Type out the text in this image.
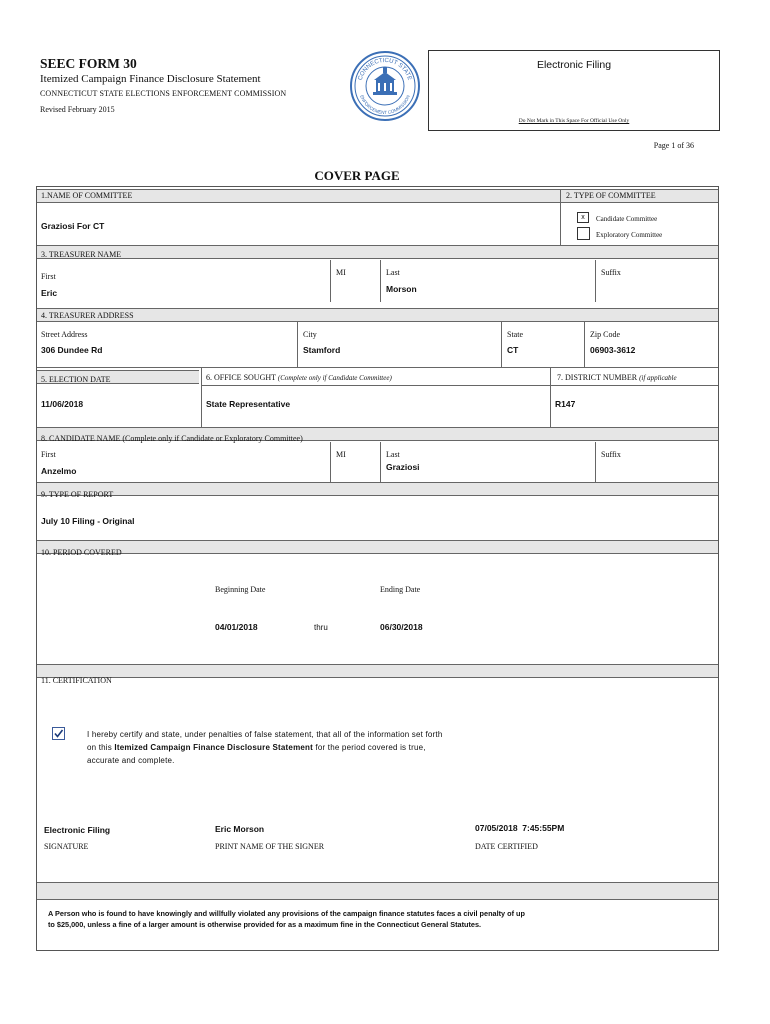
SEEC FORM 30
Itemized Campaign Finance Disclosure Statement
CONNECTICUT STATE ELECTIONS ENFORCEMENT COMMISSION
Revised February 2015
CONNECTICUT STATE
ENFORCEMENT COMMISSION
Electronic Filing
Do Not Mark in This Space For Official Use Only
Page 1 of 36
COVER PAGE
1.NAME OF COMMITTEE	2. TYPE OF COMMITTEE
Graziosi For CT
x	Candidate Committee
Exploratory Committee
3. TREASURER NAME
First
Eric
MI	Last
Morson
Suffix
4. TREASURER ADDRESS
Street Address
306 Dundee Rd
City
Stamford
State
CT
Zip Code
06903-3612
5. ELECTION DATE
11/06/2018
6. OFFICE SOUGHT (Complete only if Candidate Committee)
State Representative
7. DISTRICT NUMBER (if applicable
R147
8. CANDIDATE NAME (Complete only if Candidate or Exploratory Committee)
First
Anzelmo
MI	Last
Graziosi
Suffix
9. TYPE OF REPORT
July 10 Filing - Original
10. PERIOD COVERED
Beginning Date
04/01/2018	thru
Ending Date
06/30/2018
11. CERTIFICATION
I hereby certify and state, under penalties of false statement, that all of the information set forth
on this Itemized Campaign Finance Disclosure Statement for the period covered is true,
accurate and complete.
Electronic Filing
SIGNATURE
Eric Morson
PRINT NAME OF THE SIGNER
07/05/2018  7:45:55PM
DATE CERTIFIED
A Person who is found to have knowingly and willfully violated any provisions of the campaign finance statutes faces a civil penalty of up
to $25,000, unless a fine of a larger amount is otherwise provided for as a maximum fine in the Connecticut General Statutes.
